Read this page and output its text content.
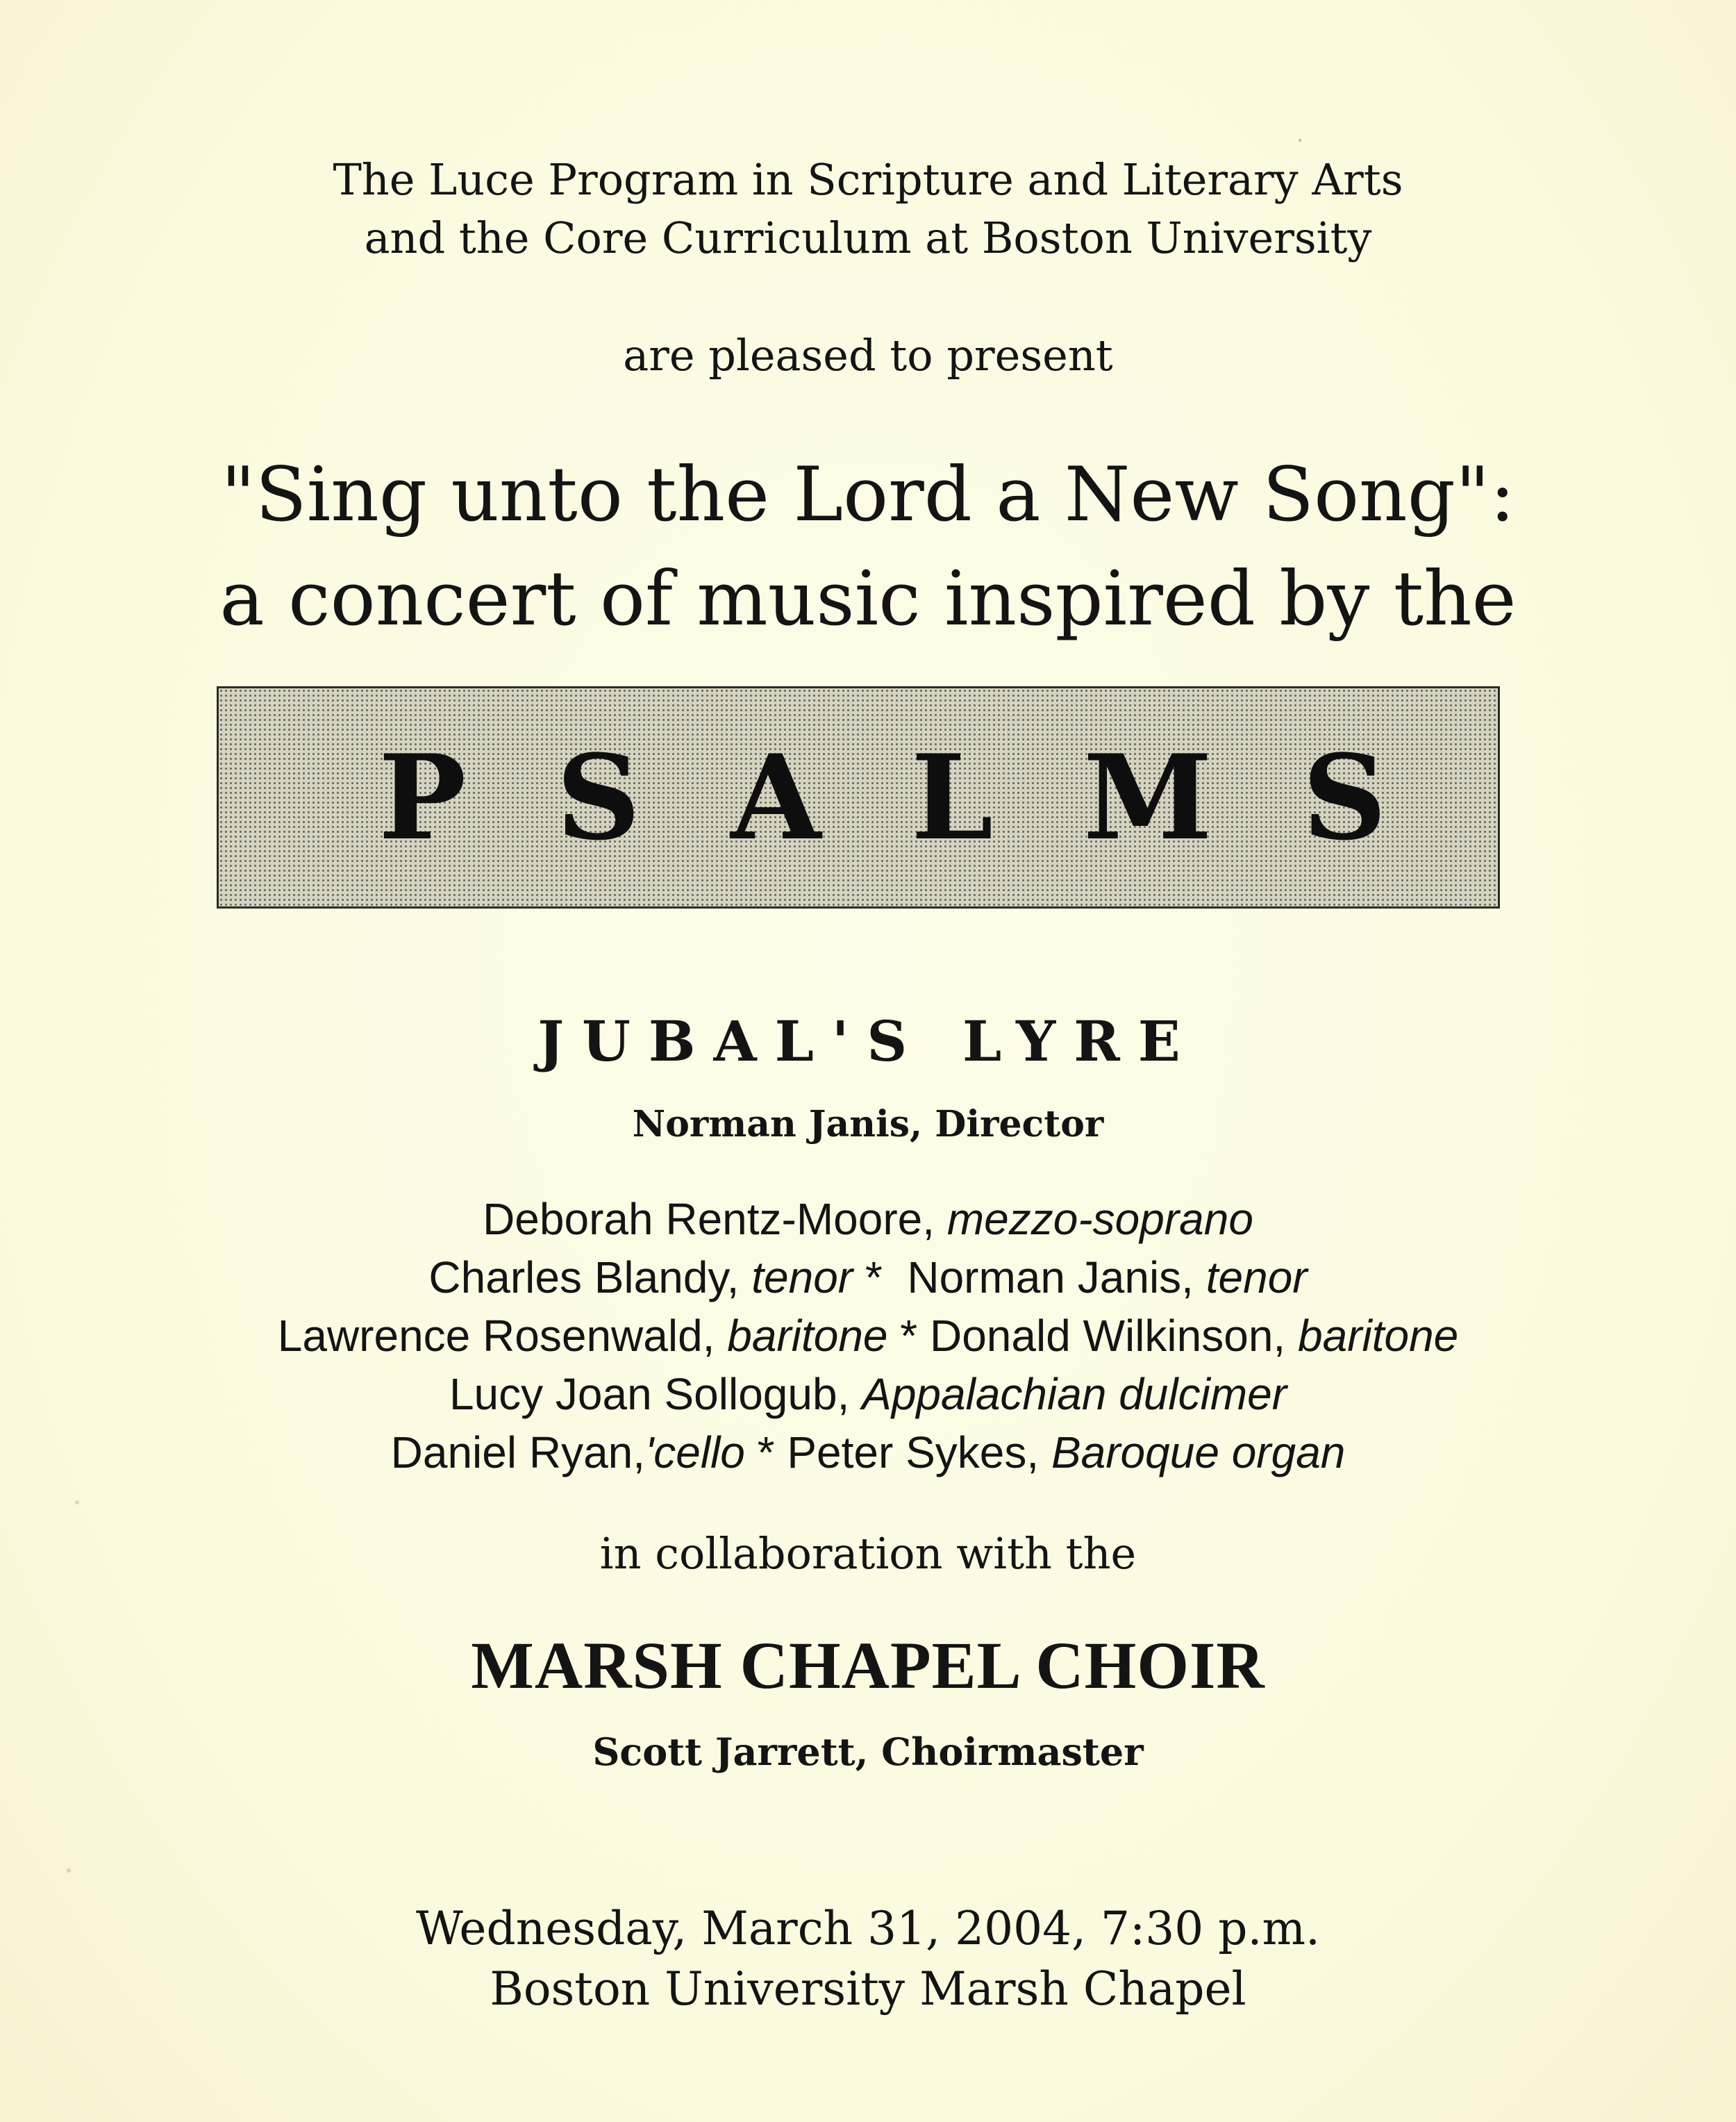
The Luce Program in Scripture and Literary Arts
and the Core Curriculum at Boston University
are pleased to present
"Sing unto the Lord a New Song":
a concert of music inspired by the
P S A L M S
JUBAL'S LYRE
Norman Janis, Director
Deborah Rentz-Moore, mezzo-soprano
Charles Blandy, tenor *  Norman Janis, tenor
Lawrence Rosenwald, baritone * Donald Wilkinson, baritone
Lucy Joan Sollogub, Appalachian dulcimer
Daniel Ryan,'cello * Peter Sykes, Baroque organ
in collaboration with the
MARSH CHAPEL CHOIR
Scott Jarrett, Choirmaster
Wednesday, March 31, 2004, 7:30 p.m.
Boston University Marsh Chapel
